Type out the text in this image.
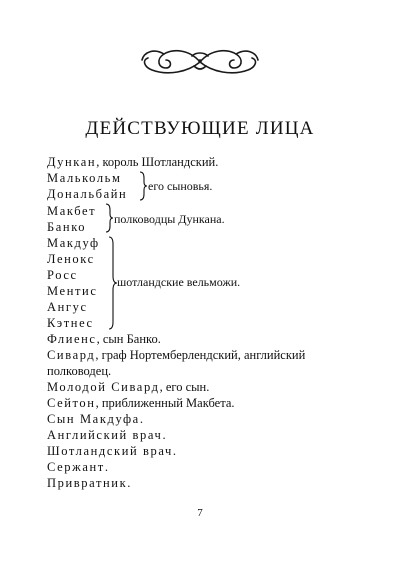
ДЕЙСТВУЮЩИЕ ЛИЦА
Дункан, король Шотландский.
Малькольм
Дональбайн
его сыновья.
Макбет
Банко
полководцы Дункана.
Макдуф
Ленокс
Росс
Ментис
Ангус
Кэтнес
шотландские вельможи.
Флиенс, сын Банко.
Сивард, граф Нортемберлендский, английский
полководец.
Молодой Сивард, его сын.
Сейтон, приближенный Макбета.
Сын Макдуфа.
Английский врач.
Шотландский врач.
Сержант.
Привратник.
7
